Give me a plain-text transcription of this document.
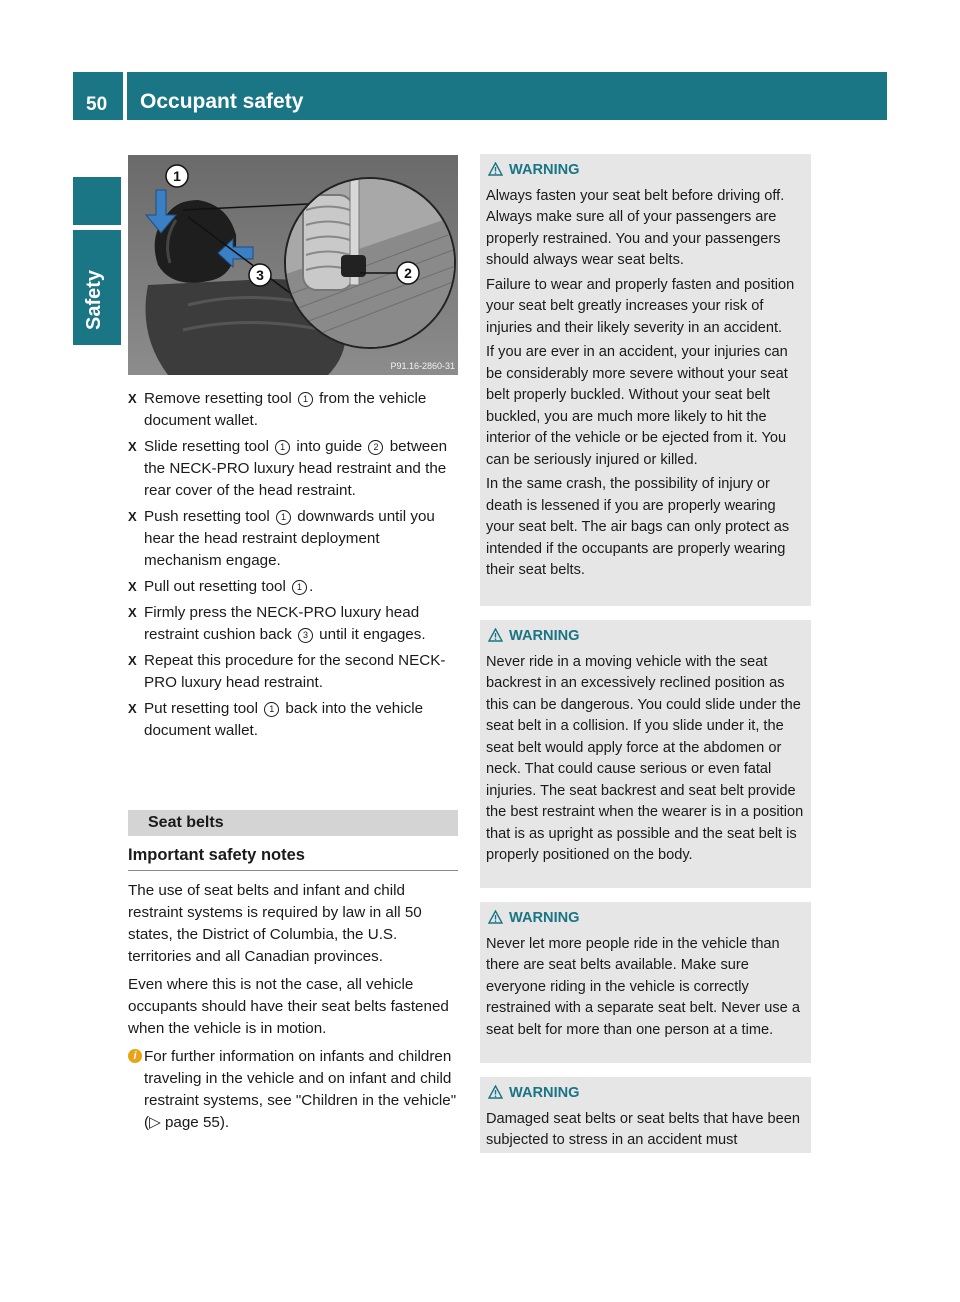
50 Occupant safety
Safety
1
2
3
P91.16-2860-31
X Remove resetting tool 1 from the vehicle document wallet.
X Slide resetting tool 1 into guide 2 between the NECK-PRO luxury head restraint and the rear cover of the head restraint.
X Push resetting tool 1 downwards until you hear the head restraint deployment mechanism engage.
X Pull out resetting tool 1 .
X Firmly press the NECK-PRO luxury head restraint cushion back 3 until it engages.
X Repeat this procedure for the second NECK-PRO luxury head restraint.
X Put resetting tool 1 back into the vehicle document wallet.
Seat belts
Important safety notes

The use of seat belts and infant and child restraint systems is required by law in all 50 states, the District of Columbia, the U.S. territories and all Canadian provinces.

Even where this is not the case, all vehicle occupants should have their seat belts fastened when the vehicle is in motion.

i For further information on infants and children traveling in the vehicle and on infant and child restraint systems, see "Children in the vehicle" (▷ page 55).

WARNING

Always fasten your seat belt before driving off. Always make sure all of your passengers are properly restrained. You and your passengers should always wear seat belts.

Failure to wear and properly fasten and position your seat belt greatly increases your risk of injuries and their likely severity in an accident.

If you are ever in an accident, your injuries can be considerably more severe without your seat belt properly buckled. Without your seat belt buckled, you are much more likely to hit the interior of the vehicle or be ejected from it. You can be seriously injured or killed.

In the same crash, the possibility of injury or death is lessened if you are properly wearing your seat belt. The air bags can only protect as intended if the occupants are properly wearing their seat belts.

WARNING

Never ride in a moving vehicle with the seat backrest in an excessively reclined position as this can be dangerous. You could slide under the seat belt in a collision. If you slide under it, the seat belt would apply force at the abdomen or neck. That could cause serious or even fatal injuries. The seat backrest and seat belt provide the best restraint when the wearer is in a position that is as upright as possible and the seat belt is properly positioned on the body.

WARNING

Never let more people ride in the vehicle than there are seat belts available. Make sure everyone riding in the vehicle is correctly restrained with a separate seat belt. Never use a seat belt for more than one person at a time.

WARNING

Damaged seat belts or seat belts that have been subjected to stress in an accident must
